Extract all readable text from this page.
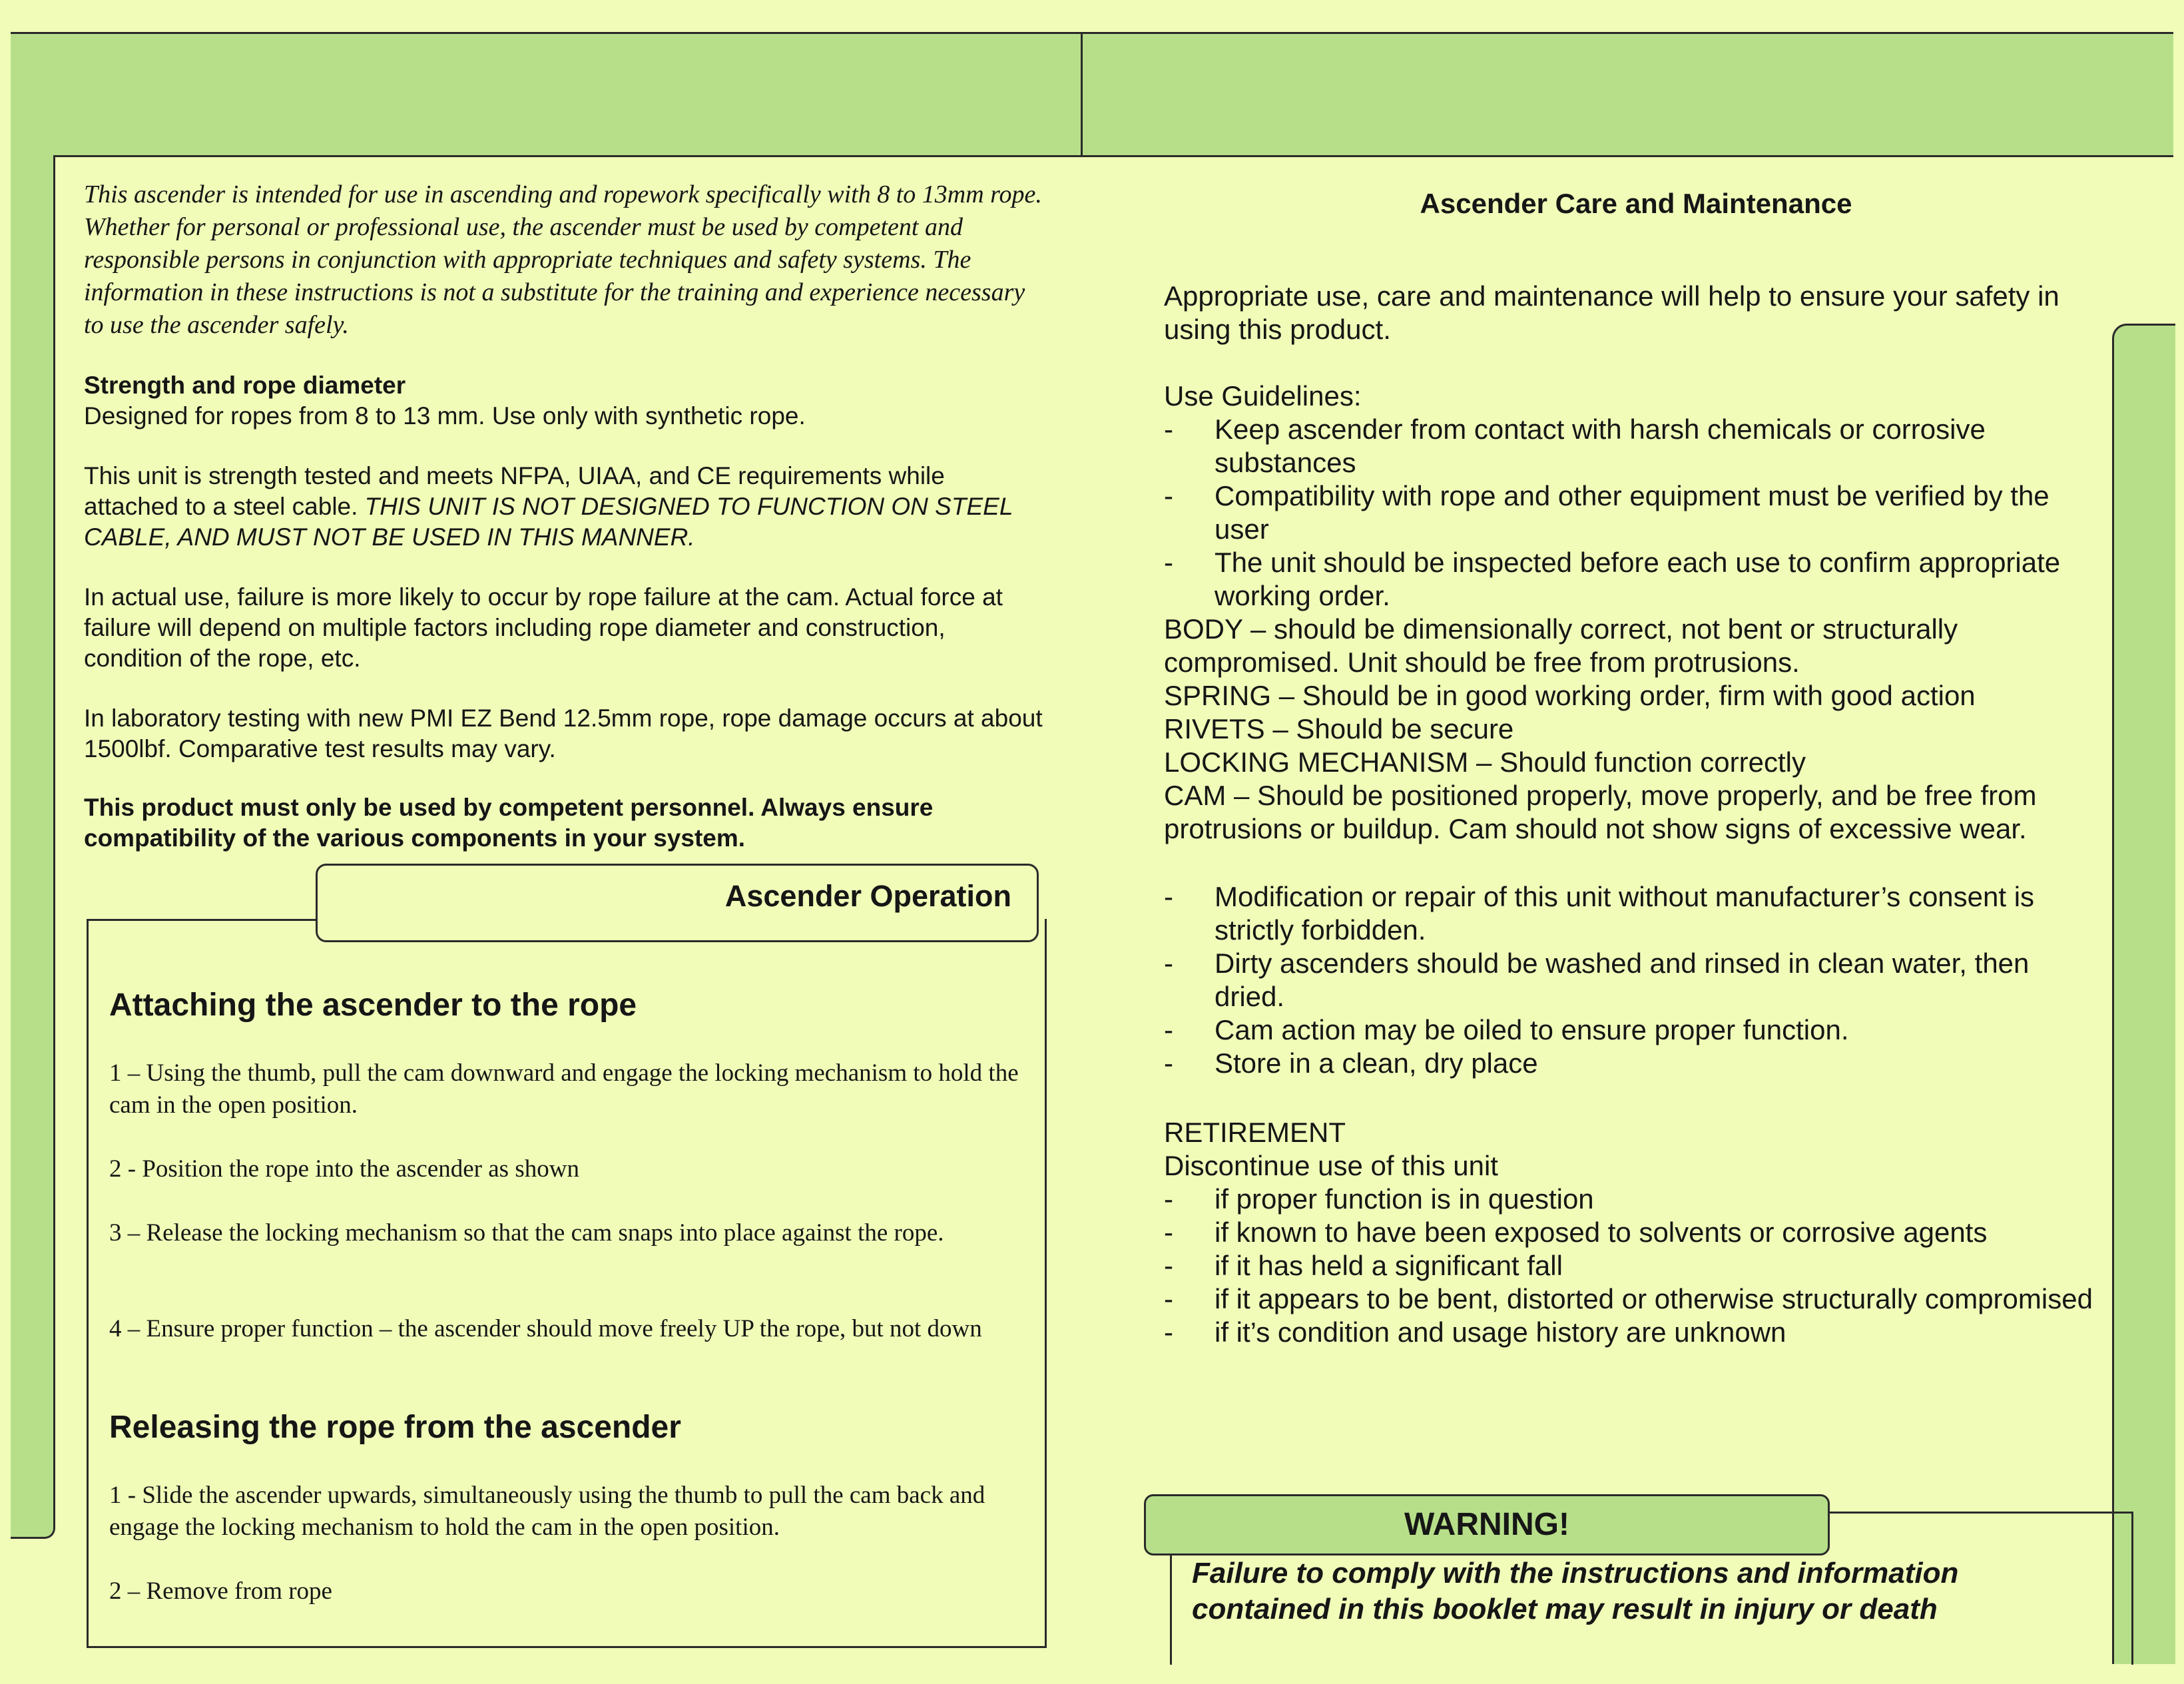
This ascender is intended for use in ascending and ropework specifically with 8 to 13mm rope. Whether for personal or professional use, the ascender must be used by competent and responsible persons in conjunction with appropriate techniques and safety systems. The information in these instructions is not a substitute for the training and experience necessary to use the ascender safely.
Strength and rope diameter
Designed for ropes from 8 to 13 mm. Use only with synthetic rope.
This unit is strength tested and meets NFPA, UIAA, and CE requirements while attached to a steel cable. THIS UNIT IS NOT DESIGNED TO FUNCTION ON STEEL CABLE, AND MUST NOT BE USED IN THIS MANNER.
In actual use, failure is more likely to occur by rope failure at the cam. Actual force at failure will depend on multiple factors including rope diameter and construction, condition of the rope, etc.
In laboratory testing with new PMI EZ Bend 12.5mm rope, rope damage occurs at about 1500lbf. Comparative test results may vary.
This product must only be used by competent personnel. Always ensure compatibility of the various components in your system.
Ascender Operation
Attaching the ascender to the rope
1 – Using the thumb, pull the cam downward and engage the locking mechanism to hold the cam in the open position.
2 - Position the rope into the ascender as shown
3 – Release the locking mechanism so that the cam snaps into place against the rope.
4 – Ensure proper function – the ascender should move freely UP the rope, but not down
Releasing the rope from the ascender
1 - Slide the ascender upwards, simultaneously using the thumb to pull the cam back and engage the locking mechanism to hold the cam in the open position.
2 – Remove from rope
Ascender Care and Maintenance
Appropriate use, care and maintenance will help to ensure your safety in using this product.
Use Guidelines:
- Keep ascender from contact with harsh chemicals or corrosive substances
- Compatibility with rope and other equipment must be verified by the user
- The unit should be inspected before each use to confirm appropriate working order.
BODY – should be dimensionally correct, not bent or structurally compromised. Unit should be free from protrusions.
SPRING – Should be in good working order, firm with good action
RIVETS – Should be secure
LOCKING MECHANISM – Should function correctly
CAM – Should be positioned properly, move properly, and be free from protrusions or buildup. Cam should not show signs of excessive wear.
- Modification or repair of this unit without manufacturer’s consent is strictly forbidden.
- Dirty ascenders should be washed and rinsed in clean water, then dried.
- Cam action may be oiled to ensure proper function.
- Store in a clean, dry place
RETIREMENT
Discontinue use of this unit
- if proper function is in question
- if known to have been exposed to solvents or corrosive agents
- if it has held a significant fall
- if it appears to be bent, distorted or otherwise structurally compromised
- if it’s condition and usage history are unknown
WARNING!
Failure to comply with the instructions and information contained in this booklet may result in injury or death
